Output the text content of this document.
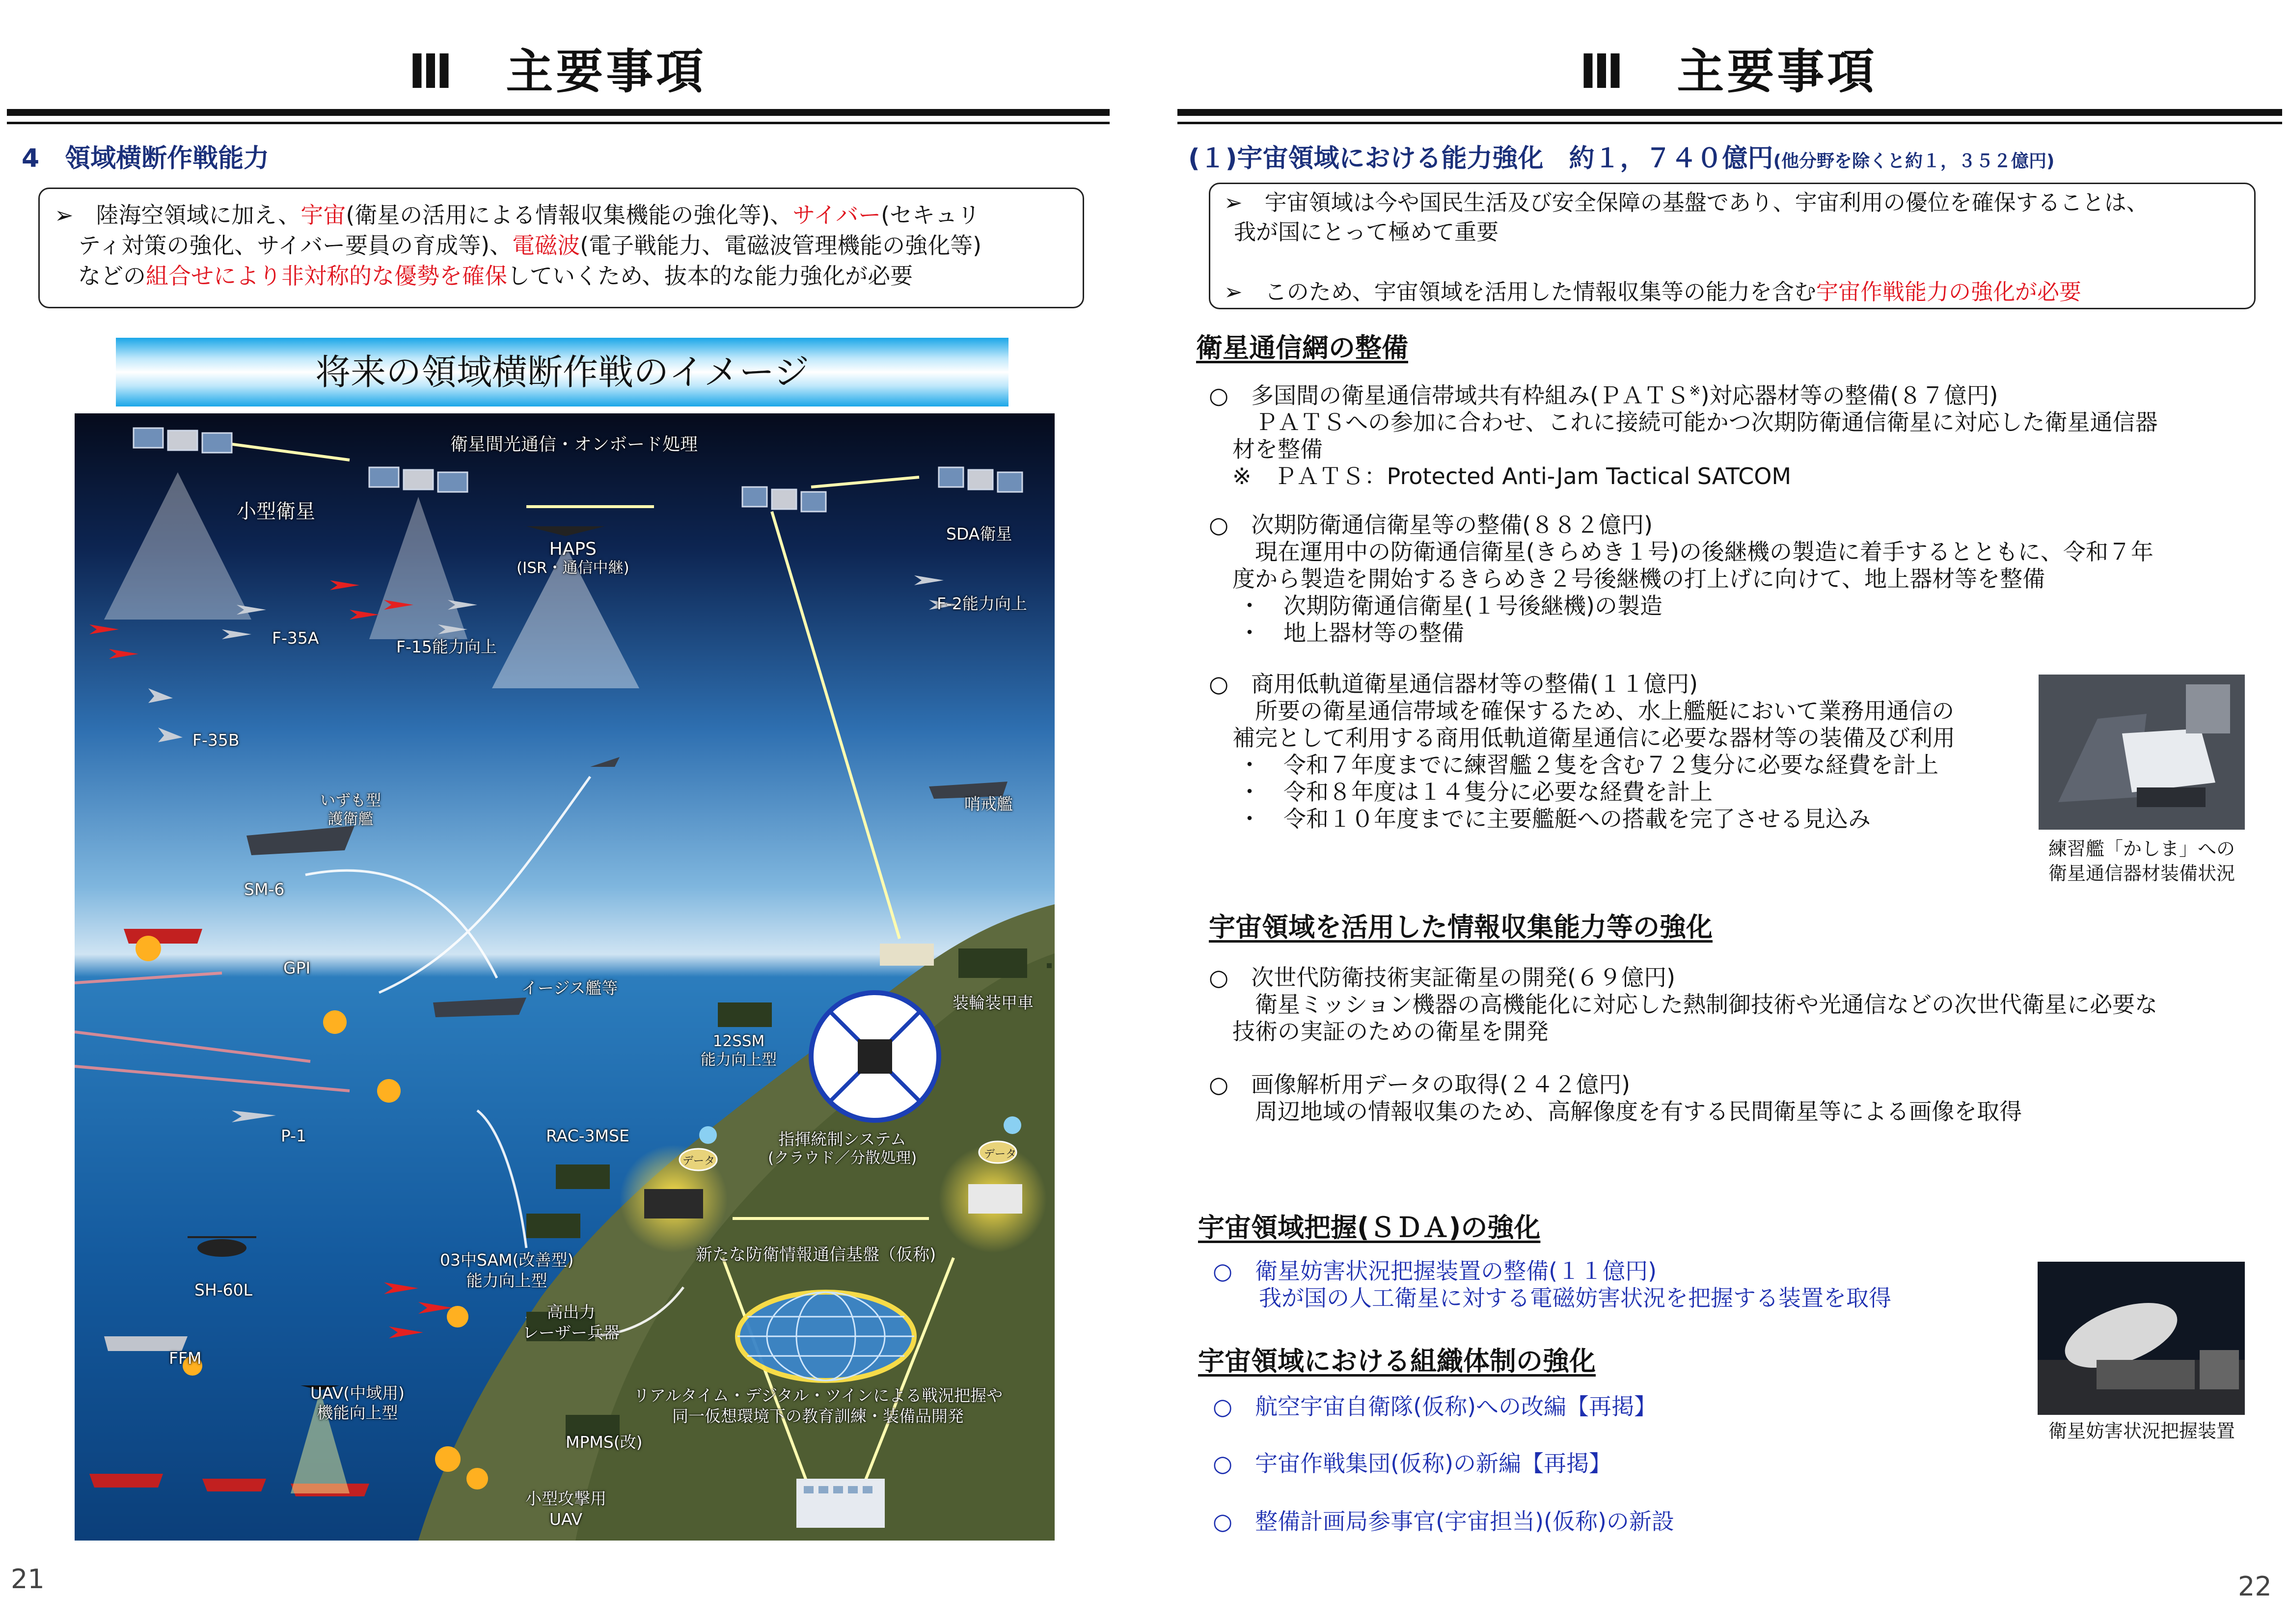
Ⅲ　主要事項
4　領域横断作戦能力

➢　 陸海空領域に加え、宇宙(衛星の活用による情報収集機能の強化等)、サイバー(セキュリ

ティ対策の強化、サイバー要員の育成等)、電磁波(電子戦能力、電磁波管理機能の強化等)

などの組合せにより非対称的な優勢を確保していくため、抜本的な能力強化が必要

将来の領域横断作戦のイメージ
衛星間光通信・オンボード処理
小型衛星
HAPS
(ISR・通信中継)
SDA衛星
F-2能力向上
F-35A	F-15能力向上
F-35B
いずも型
護衛艦
哨戒艦
SM-6
GPI
イージス艦等
装輪装甲車
12SSM
能力向上型
P-1	RAC-3MSE
データ
データ
指揮統制システム
(クラウド／分散処理)
SH-60L
03中SAM(改善型)
能力向上型
新たな防衛情報通信基盤（仮称)
FFM
高出力
レーザー兵器
UAV(中域用)
機能向上型
MPMS(改)
リアルタイム・デジタル・ツインによる戦況把握や
同一仮想環境下の教育訓練・装備品開発
小型攻撃用
UAV
21
Ⅲ　主要事項
(１)宇宙領域における能力強化　約１，７４０億円(他分野を除くと約１，３５２億円)

➢　 宇宙領域は今や国民生活及び安全保障の基盤であり、宇宙利用の優位を確保することは、

我が国にとって極めて重要

➢　 このため、宇宙領域を活用した情報収集等の能力を含む宇宙作戦能力の強化が必要

衛星通信網の整備
○　多国間の衛星通信帯域共有枠組み(ＰＡＴＳ※)対応器材等の整備(８７億円)
　ＰＡＴＳへの参加に合わせ、これに接続可能かつ次期防衛通信衛星に対応した衛星通信器
材を整備
※　ＰＡＴＳ：Protected Anti-Jam Tactical SATCOM
○　次期防衛通信衛星等の整備(８８２億円)
　現在運用中の防衛通信衛星(きらめき１号)の後継機の製造に着手するとともに、令和７年
度から製造を開始するきらめき２号後継機の打上げに向けて、地上器材等を整備
・　次期防衛通信衛星(１号後継機)の製造
・　地上器材等の整備
○　商用低軌道衛星通信器材等の整備(１１億円)
　所要の衛星通信帯域を確保するため、水上艦艇において業務用通信の
補完として利用する商用低軌道衛星通信に必要な器材等の装備及び利用
・　令和７年度までに練習艦２隻を含む７２隻分に必要な経費を計上
・　令和８年度は１４隻分に必要な経費を計上
・　令和１０年度までに主要艦艇への搭載を完了させる見込み
練習艦「かしま」への
衛星通信器材装備状況
宇宙領域を活用した情報収集能力等の強化
○　次世代防衛技術実証衛星の開発(６９億円)
　衛星ミッション機器の高機能化に対応した熱制御技術や光通信などの次世代衛星に必要な
技術の実証のための衛星を開発
○　画像解析用データの取得(２４２億円)
　周辺地域の情報収集のため、高解像度を有する民間衛星等による画像を取得
宇宙領域把握(ＳＤＡ)の強化
○　衛星妨害状況把握装置の整備(１１億円)
　我が国の人工衛星に対する電磁妨害状況を把握する装置を取得
衛星妨害状況把握装置
宇宙領域における組織体制の強化
○　航空宇宙自衛隊(仮称)への改編【再掲】
○　宇宙作戦集団(仮称)の新編【再掲】
○　整備計画局参事官(宇宙担当)(仮称)の新設
22
